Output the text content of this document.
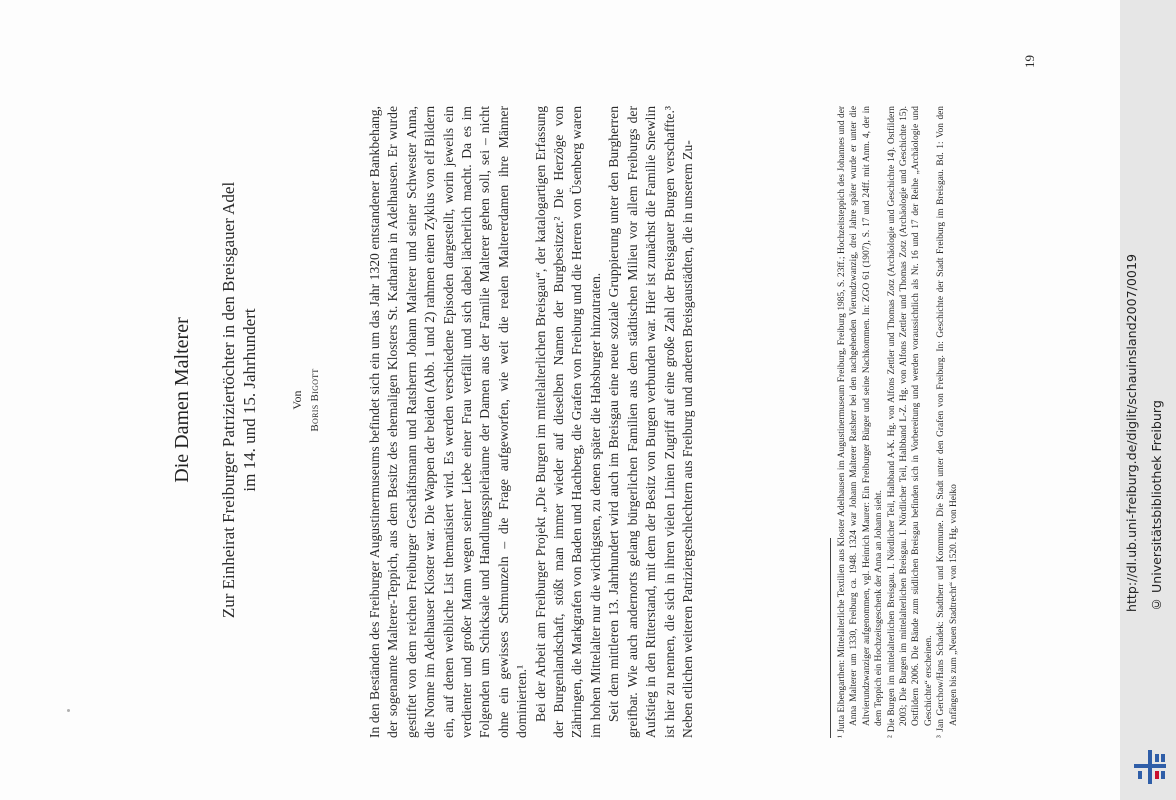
Die Damen Malterer Zur Einheirat Freiburger Patriziertöchter in den Breisgauer Adel im 14. und 15. Jahrhundert	Von Boris Bigott	In den Beständen des Freiburger Augustinermuseums befindet sich ein um das Jahr 1320 entstandener Bankbehang, der sogenannte Malterer-Teppich, aus dem Besitz des ehemaligen Klosters St. Katharina in Adelhausen. Er wurde gestiftet von dem reichen Freiburger Geschäftsmann und Ratsherrn Johann Malterer und seiner Schwester Anna, die Nonne im Adelhauser Kloster war. Die Wappen der beiden (Abb. 1 und 2) rahmen einen Zyklus von elf Bildern ein, auf denen weibliche List thematisiert wird. Es werden verschiedene Episoden dargestellt, worin jeweils ein verdienter und großer Mann wegen seiner Liebe einer Frau verfällt und sich dabei lächerlich macht. Da es im Folgenden um Schicksale und Handlungsspielräume der Damen aus der Familie Malterer gehen soll, sei – nicht ohne ein gewisses Schmunzeln – die Frage aufgeworfen, wie weit die realen Maltererdamen ihre Männer dominierten.¹ Bei der Arbeit am Freiburger Projekt „Die Burgen im mittelalterlichen Breisgau“, der katalogartigen Erfassung der Burgenlandschaft, stößt man immer wieder auf dieselben Namen der Burgbesitzer.² Die Herzöge von Zähringen, die Markgrafen von Baden und Hachberg, die Grafen von Freiburg und die Herren von Üsenberg waren im hohen Mittelalter nur die wichtigsten, zu denen später die Habsburger hinzutraten. Seit dem mittleren 13. Jahrhundert wird auch im Breisgau eine neue soziale Gruppierung unter den Burgherren greifbar. Wie auch andernorts gelang bürgerlichen Familien aus dem städtischen Milieu vor allem Freiburgs der Aufstieg in den Ritterstand, mit dem der Besitz von Burgen verbunden war. Hier ist zunächst die Familie Snewlin ist hier zu nennen, die sich in ihren vielen Linien Zugriff auf eine große Zahl der Breisgauer Burgen verschaffte.³ Neben etlichen weiteren Patriziergeschlechtern aus Freiburg und anderen Breisgaustädten, die in unserem Zu-	¹ Jutta Eibengarthen: Mittelalterliche Textilien aus Kloster Adelhausen im Augustinermuseum Freiburg, Freiburg 1985, S. 23ff.; Hochzeitsteppich des Johannes und der Anna Malterer um 1330, Freiburg ca. 1948. 1324 war Johann Malterer Ratsherr bei den nachgehenden Vierundzwanzig, drei Jahre später wurde er unter die Altvierundzwanziger aufgenommen, vgl. Heinrich Maurer: Ein Freiburger Bürger und seine Nachkommen. In: ZGO 61 (1907), S. 17 und 24ff. mit Anm. 4, der in dem Teppich ein Hochzeitsgeschenk der Anna an Johann sieht. ² Die Burgen im mittelalterlichen Breisgau. I. Nördlicher Teil, Halbband A-K. Hg. von Alfons Zettler und Thomas Zotz (Archäologie und Geschichte 14). Ostfildern 2003; Die Burgen im mittelalterlichen Breisgau. I. Nördlicher Teil, Halbband L-Z. Hg. von Alfons Zettler und Thomas Zotz (Archäologie und Geschichte 15). Ostfildern 2006. Die Bände zum südlichen Breisgau befinden sich in Vorbereitung und werden voraussichtlich als Nr. 16 und 17 der Reihe „Archäologie und Geschichte“ erscheinen. ³ Jan Gerchow/Hans Schadek: Stadtherr und Kommune. Die Stadt unter den Grafen von Freiburg. In: Geschichte der Stadt Freiburg im Breisgau. Bd. 1: Von den Anfängen bis zum „Neuen Stadtrecht“ von 1520. Hg. von Heiko

19
http://dl.ub.uni-freiburg.de/diglit/schauinsland2007/0019 © Universitätsbibliothek Freiburg
